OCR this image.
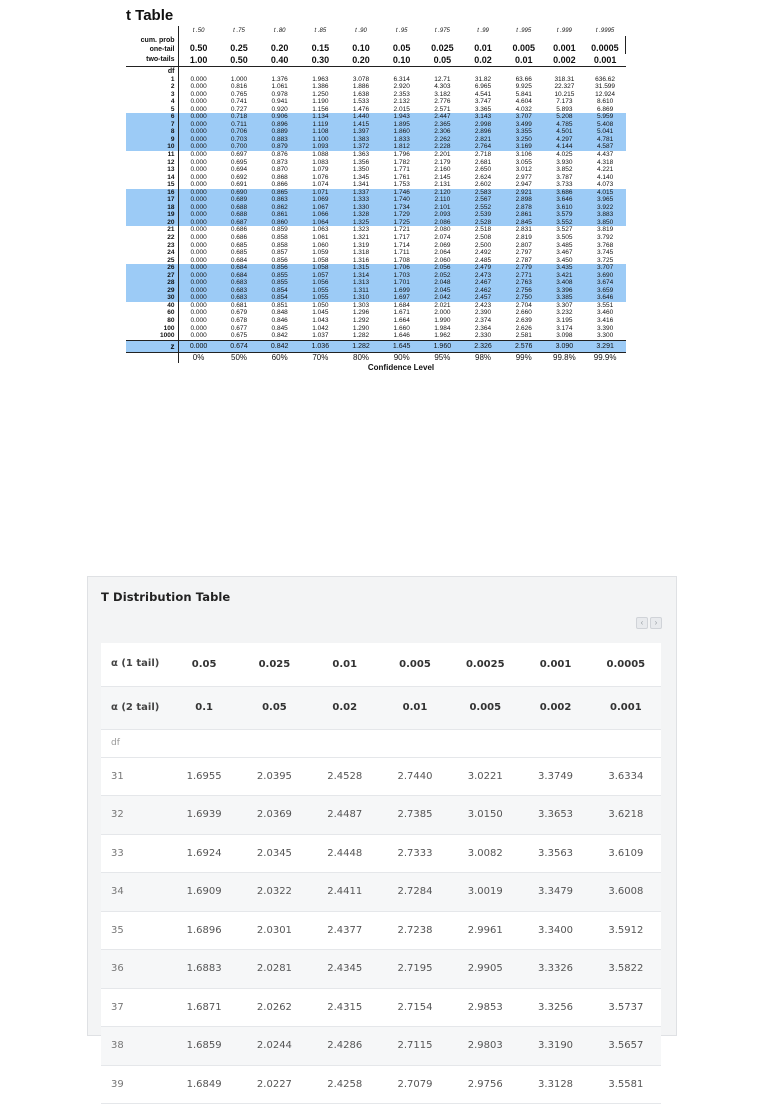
t Table
	t .50	t .75	t .80	t .85	t .90	t .95	t .975	t .99	t .995	t .999	t .9995

cum. prob
one-tail	0.50	0.25	0.20	0.15	0.10	0.05	0.025	0.01	0.005	0.001	0.0005
two-tails	1.00	0.50	0.40	0.30	0.20	0.10	0.05	0.02	0.01	0.002	0.001
df											
1	0.000	1.000	1.376	1.963	3.078	6.314	12.71	31.82	63.66	318.31	636.62
2	0.000	0.816	1.061	1.386	1.886	2.920	4.303	6.965	9.925	22.327	31.599
3	0.000	0.765	0.978	1.250	1.638	2.353	3.182	4.541	5.841	10.215	12.924
4	0.000	0.741	0.941	1.190	1.533	2.132	2.776	3.747	4.604	7.173	8.610
5	0.000	0.727	0.920	1.156	1.476	2.015	2.571	3.365	4.032	5.893	6.869
6	0.000	0.718	0.906	1.134	1.440	1.943	2.447	3.143	3.707	5.208	5.959
7	0.000	0.711	0.896	1.119	1.415	1.895	2.365	2.998	3.499	4.785	5.408
8	0.000	0.706	0.889	1.108	1.397	1.860	2.306	2.896	3.355	4.501	5.041
9	0.000	0.703	0.883	1.100	1.383	1.833	2.262	2.821	3.250	4.297	4.781
10	0.000	0.700	0.879	1.093	1.372	1.812	2.228	2.764	3.169	4.144	4.587
11	0.000	0.697	0.876	1.088	1.363	1.796	2.201	2.718	3.106	4.025	4.437
12	0.000	0.695	0.873	1.083	1.356	1.782	2.179	2.681	3.055	3.930	4.318
13	0.000	0.694	0.870	1.079	1.350	1.771	2.160	2.650	3.012	3.852	4.221
14	0.000	0.692	0.868	1.076	1.345	1.761	2.145	2.624	2.977	3.787	4.140
15	0.000	0.691	0.866	1.074	1.341	1.753	2.131	2.602	2.947	3.733	4.073
16	0.000	0.690	0.865	1.071	1.337	1.746	2.120	2.583	2.921	3.686	4.015
17	0.000	0.689	0.863	1.069	1.333	1.740	2.110	2.567	2.898	3.646	3.965
18	0.000	0.688	0.862	1.067	1.330	1.734	2.101	2.552	2.878	3.610	3.922
19	0.000	0.688	0.861	1.066	1.328	1.729	2.093	2.539	2.861	3.579	3.883
20	0.000	0.687	0.860	1.064	1.325	1.725	2.086	2.528	2.845	3.552	3.850
21	0.000	0.686	0.859	1.063	1.323	1.721	2.080	2.518	2.831	3.527	3.819
22	0.000	0.686	0.858	1.061	1.321	1.717	2.074	2.508	2.819	3.505	3.792
23	0.000	0.685	0.858	1.060	1.319	1.714	2.069	2.500	2.807	3.485	3.768
24	0.000	0.685	0.857	1.059	1.318	1.711	2.064	2.492	2.797	3.467	3.745
25	0.000	0.684	0.856	1.058	1.316	1.708	2.060	2.485	2.787	3.450	3.725
26	0.000	0.684	0.856	1.058	1.315	1.706	2.056	2.479	2.779	3.435	3.707
27	0.000	0.684	0.855	1.057	1.314	1.703	2.052	2.473	2.771	3.421	3.690
28	0.000	0.683	0.855	1.056	1.313	1.701	2.048	2.467	2.763	3.408	3.674
29	0.000	0.683	0.854	1.055	1.311	1.699	2.045	2.462	2.756	3.396	3.659
30	0.000	0.683	0.854	1.055	1.310	1.697	2.042	2.457	2.750	3.385	3.646
40	0.000	0.681	0.851	1.050	1.303	1.684	2.021	2.423	2.704	3.307	3.551
60	0.000	0.679	0.848	1.045	1.296	1.671	2.000	2.390	2.660	3.232	3.460
80	0.000	0.678	0.846	1.043	1.292	1.664	1.990	2.374	2.639	3.195	3.416
100	0.000	0.677	0.845	1.042	1.290	1.660	1.984	2.364	2.626	3.174	3.390
1000	0.000	0.675	0.842	1.037	1.282	1.646	1.962	2.330	2.581	3.098	3.300
z	0.000	0.674	0.842	1.036	1.282	1.645	1.960	2.326	2.576	3.090	3.291
	0%	50%	60%	70%	80%	90%	95%	98%	99%	99.8%	99.9%
Confidence Level
T Distribution Table
‹	›
α (1 tail)	0.05	0.025	0.01	0.005	0.0025	0.001	0.0005
α (2 tail)	0.1	0.05	0.02	0.01	0.005	0.002	0.001
df							
31	1.6955	2.0395	2.4528	2.7440	3.0221	3.3749	3.6334
32	1.6939	2.0369	2.4487	2.7385	3.0150	3.3653	3.6218
33	1.6924	2.0345	2.4448	2.7333	3.0082	3.3563	3.6109
34	1.6909	2.0322	2.4411	2.7284	3.0019	3.3479	3.6008
35	1.6896	2.0301	2.4377	2.7238	2.9961	3.3400	3.5912
36	1.6883	2.0281	2.4345	2.7195	2.9905	3.3326	3.5822
37	1.6871	2.0262	2.4315	2.7154	2.9853	3.3256	3.5737
38	1.6859	2.0244	2.4286	2.7115	2.9803	3.3190	3.5657
39	1.6849	2.0227	2.4258	2.7079	2.9756	3.3128	3.5581
